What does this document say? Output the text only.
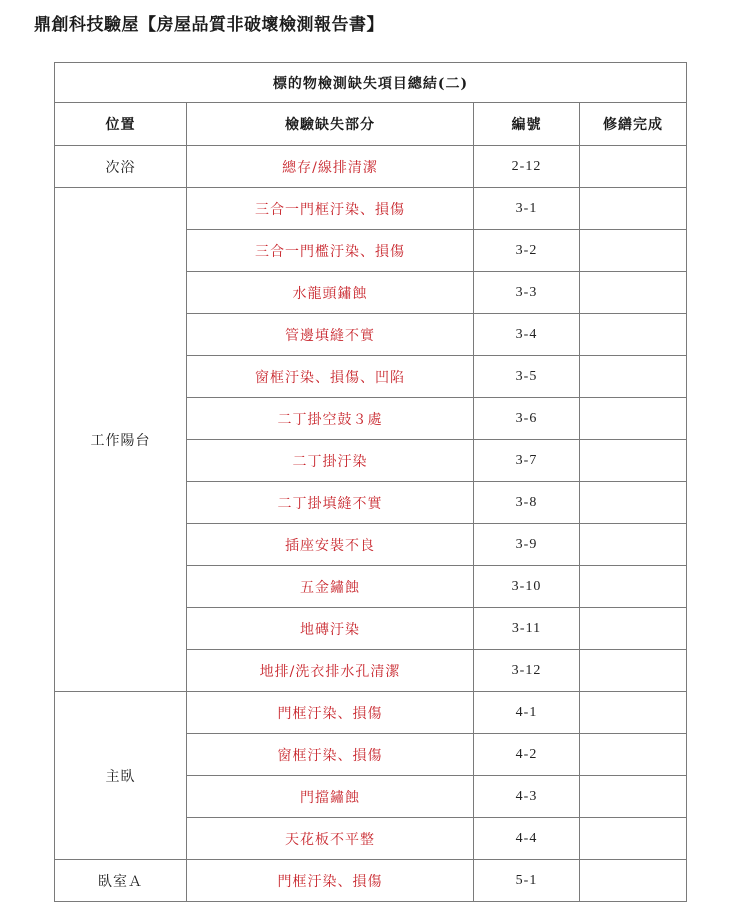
鼎創科技驗屋【房屋品質非破壞檢測報告書】
標的物檢測缺失項目總結(二)			
位置	檢驗缺失部分	編號	修繕完成
次浴	總存/線排清潔	2-12	
工作陽台	三合一門框汙染、損傷	3-1	
	三合一門檻汙染、損傷	3-2	
	水龍頭鏽蝕	3-3	
	管邊填縫不實	3-4	
	窗框汙染、損傷、凹陷	3-5	
	二丁掛空鼓３處	3-6	
	二丁掛汙染	3-7	
	二丁掛填縫不實	3-8	
	插座安裝不良	3-9	
	五金鏽蝕	3-10	
	地磚汙染	3-11	
	地排/洗衣排水孔清潔	3-12	
主臥	門框汙染、損傷	4-1	
	窗框汙染、損傷	4-2	
	門擋鏽蝕	4-3	
	天花板不平整	4-4	
臥室Ａ	門框汙染、損傷	5-1	
